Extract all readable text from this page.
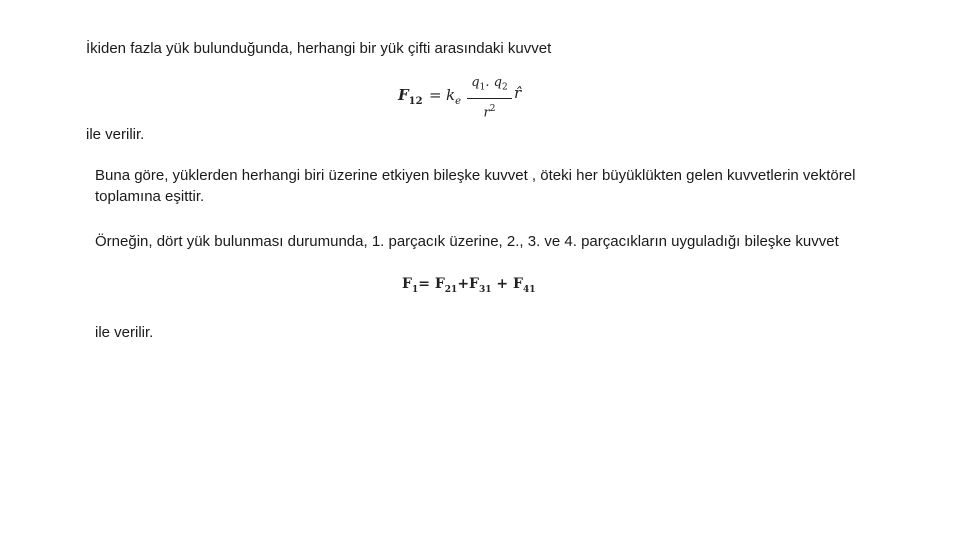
İkiden fazla yük bulunduğunda, herhangi bir yük çifti arasındaki kuvvet
$F_{12} = k_e$
$q_1$. $q_2$
$r^2$
r̂
ile verilir.
Buna göre, yüklerden herhangi biri üzerine etkiyen bileşke kuvvet , öteki her büyüklükten gelen kuvvetlerin vektörel toplamına eşittir.
Örneğin, dört yük bulunması durumunda, 1. parçacık üzerine, 2., 3. ve 4. parçacıkların uyguladığı bileşke kuvvet
$F_1= F_{21}+F_{31} + F_{41}$
ile verilir.
